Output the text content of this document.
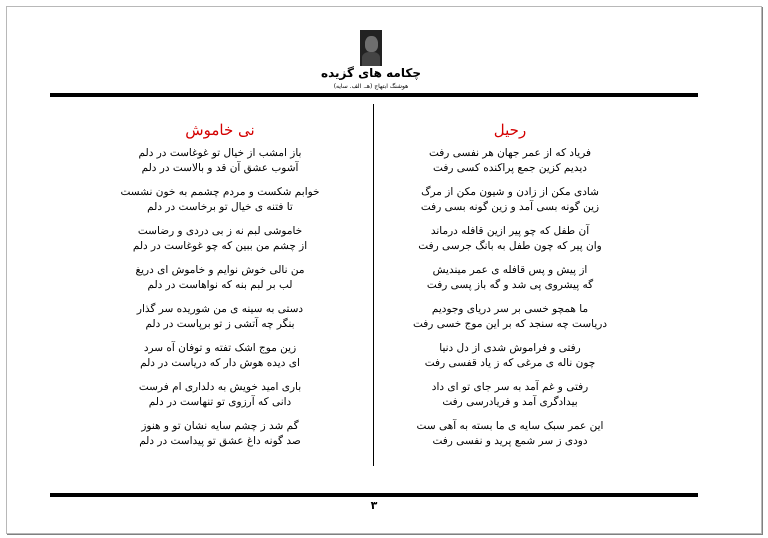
چکامه های گزیده
هوشنگ ابتهاج (هـ. الف. سایه)
رحیل
فریاد که از عمر جهان هر نفسی رفت
دیدیم کزین جمع پراکنده کسی رفت
شادی مکن از زادن و شیون مکن از مرگ
زین گونه بسی آمد و زین گونه بسی رفت
آن طفل که چو پیر ازین قافله درماند
وان پیر که چون طفل به بانگ جرسی رفت
از پیش و پس قافله ی عمر میندیش
گه پیشروی پی شد و گه باز پسی رفت
ما همچو خسی بر سر دریای وجودیم
دریاست چه سنجد که بر این موج خسی رفت
رفتی و فراموش شدی از دل دنیا
چون ناله ی مرغی که ز یاد قفسی رفت
رفتی و غم آمد به سر جای تو ای داد
بیدادگری آمد و فریادرسی رفت
این عمر سبک سایه ی ما بسته به آهی ست
دودی ز سر شمع پرید و نفسی رفت
نی خاموش
باز امشب از خیال تو غوغاست در دلم
آشوب عشق آن قد و بالاست در دلم
خوابم شکست و مردم چشمم به خون نشست
تا فتنه ی خیال تو برخاست در دلم
خاموشی لبم نه ز بی دردی و رضاست
از چشم من ببین که چو غوغاست در دلم
من نالی خوش نوایم و خاموش ای دریغ
لب بر لبم بنه که نواهاست در دلم
دستی به سینه ی من شوریده سر گذار
بنگر چه آتشی ز تو برپاست در دلم
زین موج اشک تفته و توفان آه سرد
ای دیده هوش دار که دریاست در دلم
باری امید خویش به دلداری ام فرست
دانی که آرزوی تو تنهاست در دلم
گم شد ز چشم سایه نشان تو و هنوز
صد گونه داغ عشق تو پیداست در دلم
۳
